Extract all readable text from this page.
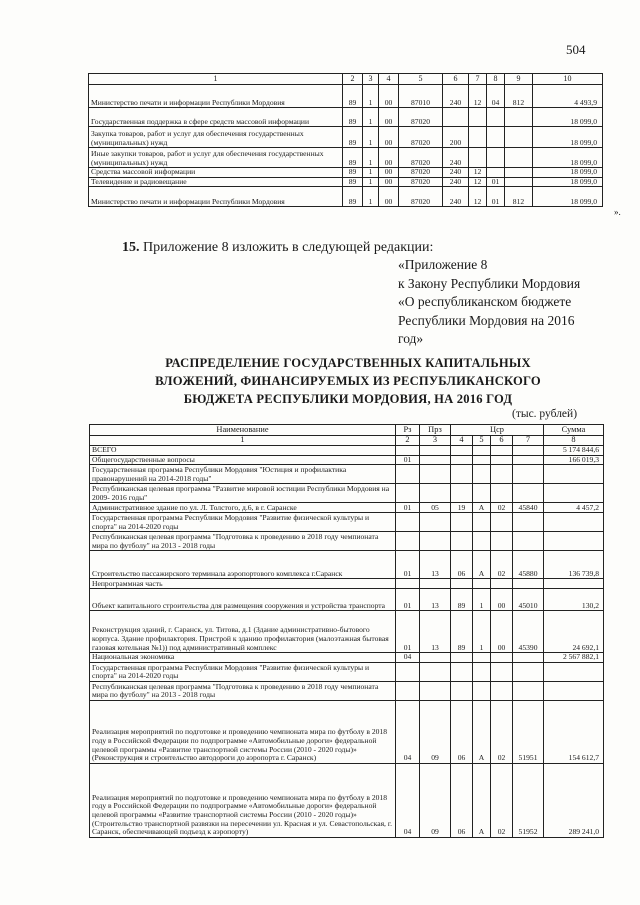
504
1	2	3	4	5	6	7	8	9	10
Министерство печати и информации Республики Мордовия	89	1	00	87010	240	12	04	812	4 493,9
Государственная поддержка в сфере средств массовой информации	89	1	00	87020					18 099,0
Закупка товаров, работ и услуг для обеспечения государственных (муниципальных) нужд	89	1	00	87020	200				18 099,0
Иные закупки товаров, работ и услуг для обеспечения государственных (муниципальных) нужд	89	1	00	87020	240				18 099,0
Средства массовой информации	89	1	00	87020	240	12			18 099,0
Телевидение и радиовещание	89	1	00	87020	240	12	01		18 099,0
Министерство печати и информации Республики Мордовия	89	1	00	87020	240	12	01	812	18 099,0
».
15. Приложение 8 изложить в следующей редакции:
«Приложение 8
к Закону Республики Мордовия
«О республиканском бюджете
Республики Мордовия на 2016
год»
РАСПРЕДЕЛЕНИЕ ГОСУДАРСТВЕННЫХ КАПИТАЛЬНЫХ
ВЛОЖЕНИЙ, ФИНАНСИРУЕМЫХ ИЗ РЕСПУБЛИКАНСКОГО
БЮДЖЕТА РЕСПУБЛИКИ МОРДОВИЯ, НА 2016 ГОД
(тыс. рублей)
Наименование	Рз	Прз	Цср				Сумма
1	2	3	4	5	6	7	8
ВСЕГО							5 174 844,6
Общегосударственные вопросы	01						166 019,3
Государственная программа Республики Мордовия "Юстиция и профилактика правонарушений на 2014-2018 годы"							
Республиканская целевая программа "Развитие мировой юстиции Республики Мордовия на 2009- 2016 годы"							
Административное здание по ул. Л. Толстого, д.6, в г. Саранске	01	05	19	А	02	45840	4 457,2
Государственная программа Республики Мордовия "Развитие физической культуры и спорта" на 2014-2020 годы							
Республиканская целевая программа "Подготовка к проведению в 2018 году чемпионата мира по футболу" на 2013 - 2018 годы							
Строительство пассажирского терминала аэропортового комплекса г.Саранск	01	13	06	А	02	45880	136 739,8
Непрограммная часть							
Объект капитального строительства для размещения сооружения и устройства транспорта	01	13	89	1	00	45010	130,2
Реконструкция зданий, г. Саранск, ул. Титова, д.1 (Здание административно-бытового корпуса. Здание профилактория. Пристрой к зданию профилактория (малоэтажная бытовая газовая котельная №1)) под административный комплекс	01	13	89	1	00	45390	24 692,1
Национальная экономика	04						2 567 882,1
Государственная программа Республики Мордовия "Развитие физической культуры и спорта" на 2014-2020 годы							
Республиканская целевая программа "Подготовка к проведению в 2018 году чемпионата мира по футболу" на 2013 - 2018 годы							
Реализация мероприятий по подготовке и проведению чемпионата мира по футболу в 2018 году в Российской Федерации по подпрограмме «Автомобильные дороги» федеральной целевой программы «Развитие транспортной системы России (2010 - 2020 годы)» (Реконструкция и строительство автодороги до аэропорта г. Саранск)	04	09	06	А	02	51951	154 612,7
Реализация мероприятий по подготовке и проведению чемпионата мира по футболу в 2018 году в Российской Федерации по подпрограмме «Автомобильные дороги» федеральной целевой программы «Развитие транспортной системы России (2010 - 2020 годы)» (Строительство транспортной развязки на пересечении ул. Красная и ул. Севастопольская, г. Саранск, обеспечивающей подъезд к аэропорту)	04	09	06	А	02	51952	289 241,0
